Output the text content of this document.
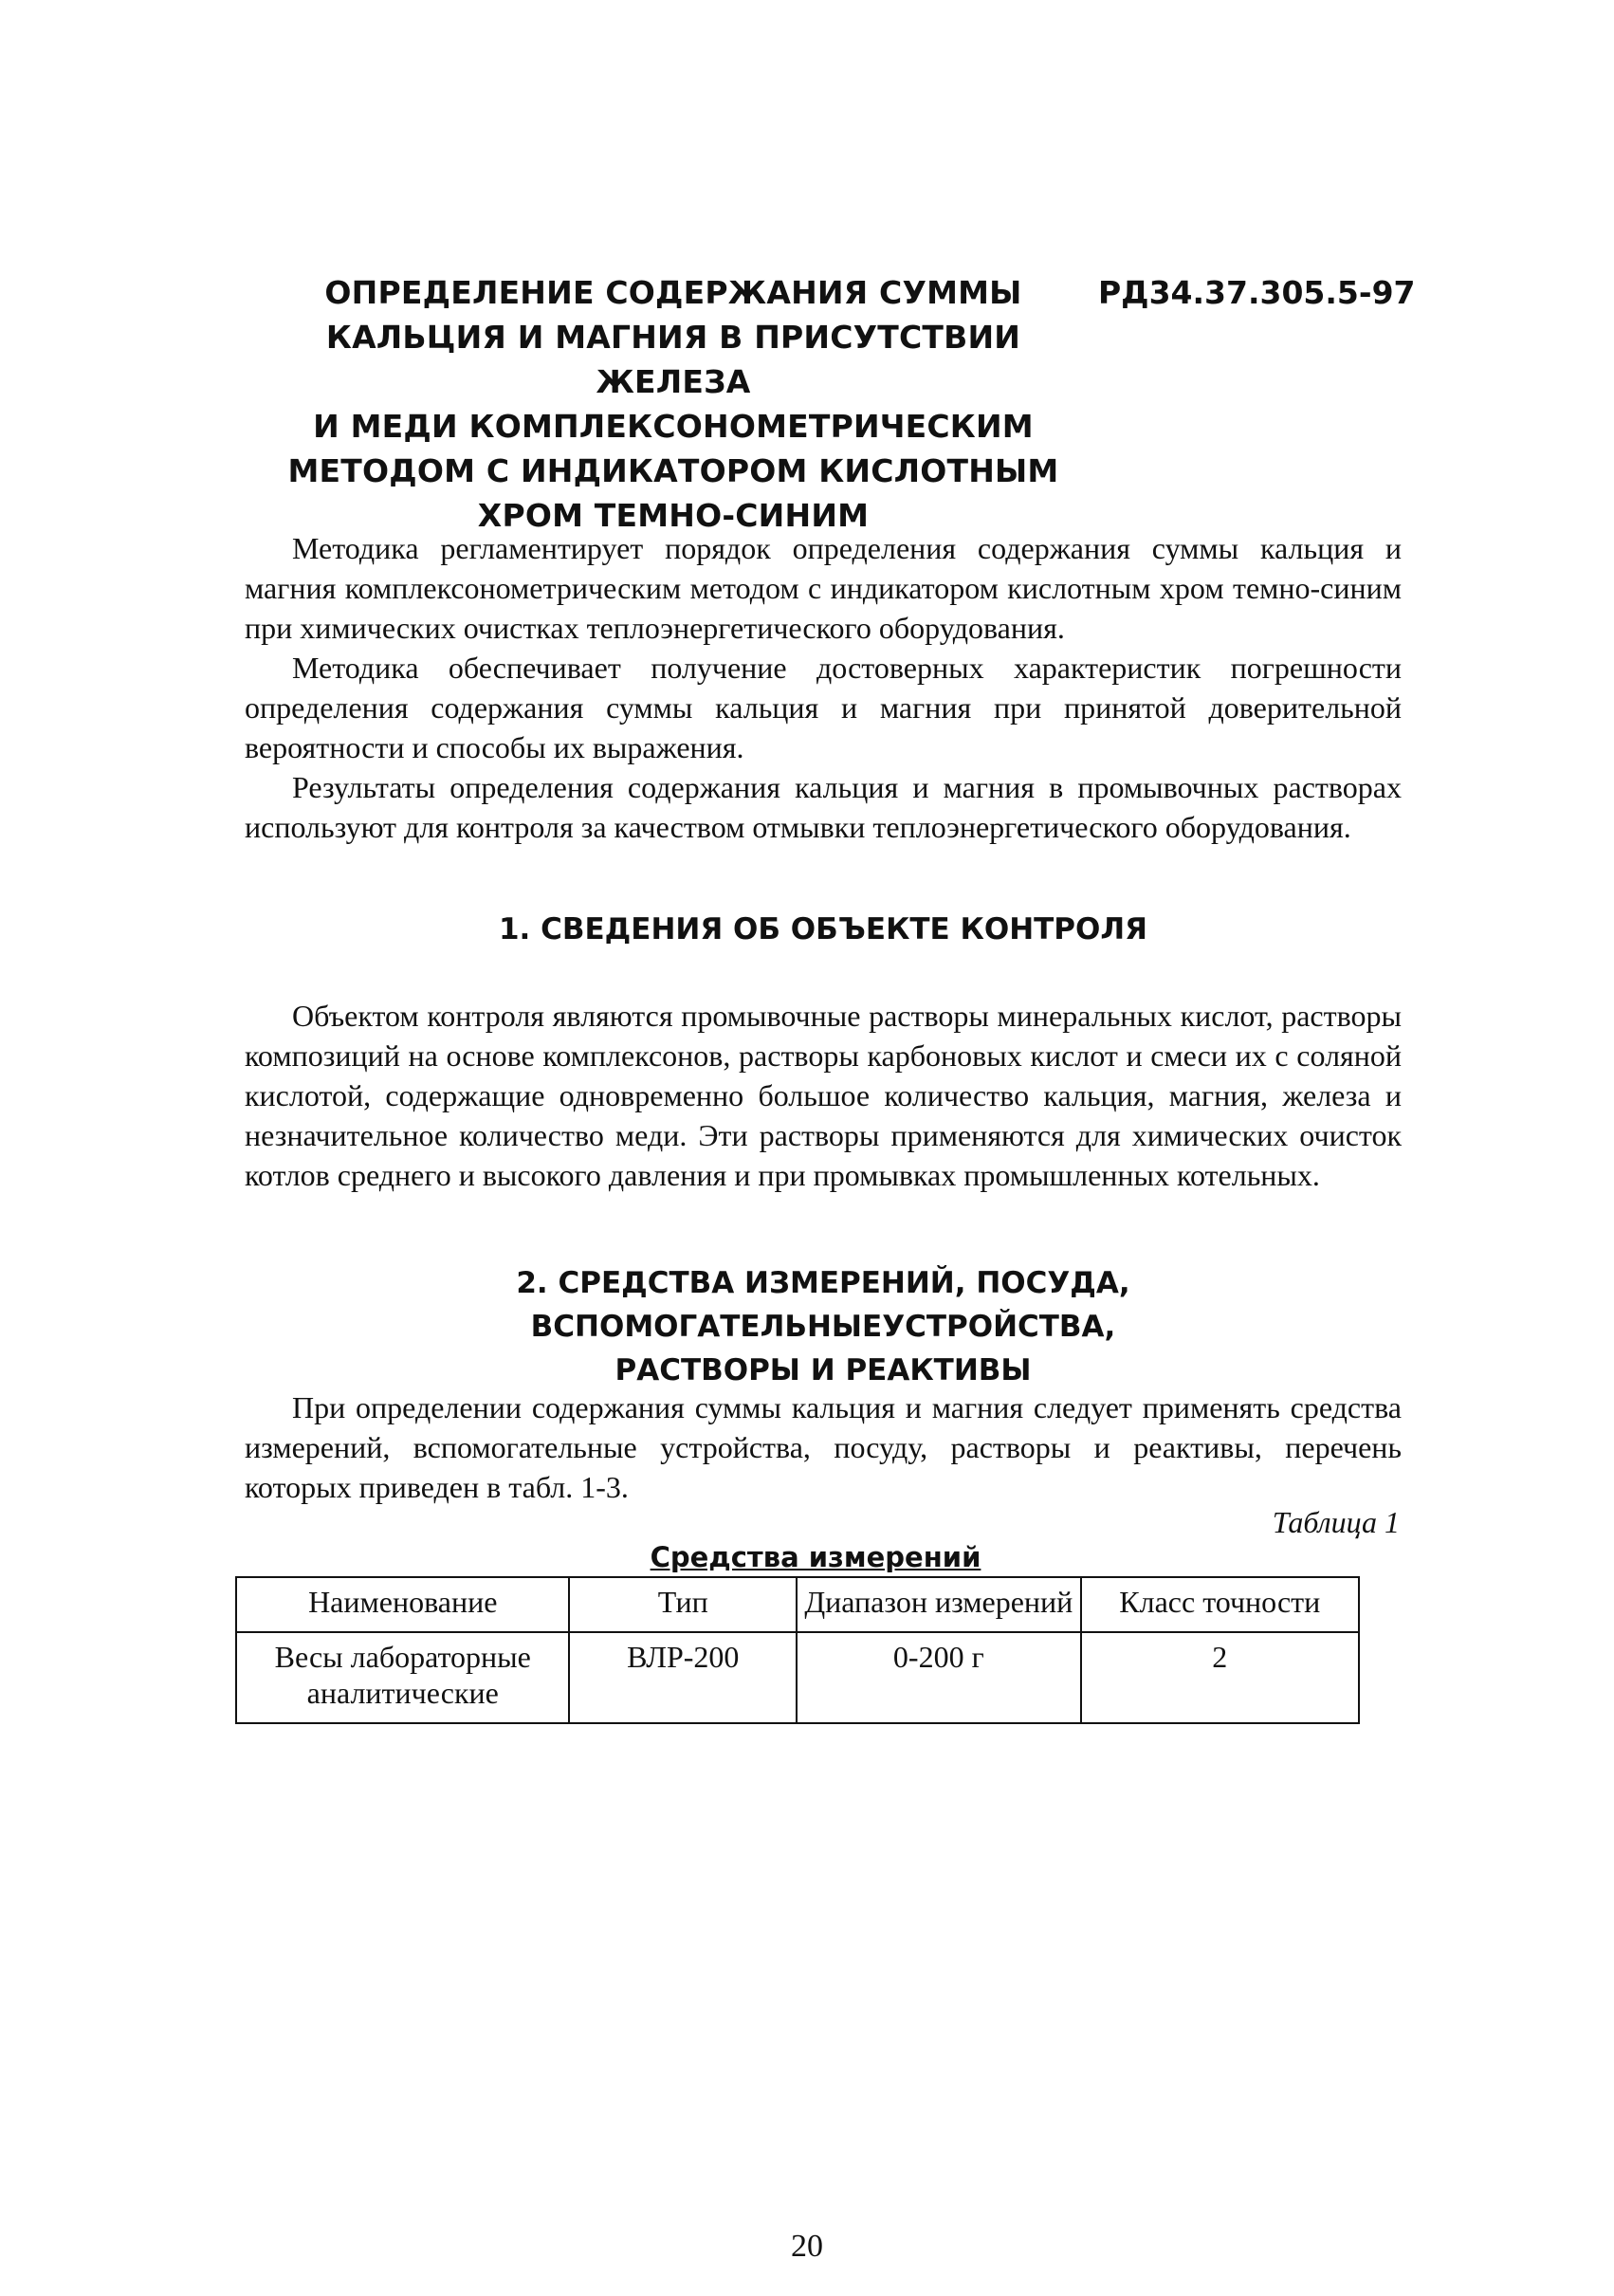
ОПРЕДЕЛЕНИЕ СОДЕРЖАНИЯ СУММЫ
КАЛЬЦИЯ И МАГНИЯ В ПРИСУТСТВИИ ЖЕЛЕЗА
И МЕДИ КОМПЛЕКСОНОМЕТРИЧЕСКИМ
МЕТОДОМ С ИНДИКАТОРОМ КИСЛОТНЫМ
ХРОМ ТЕМНО-СИНИМ
РД34.37.305.5-97

Методика регламентирует порядок определения содержания суммы кальция и магния комплексонометрическим методом с индикатором кислотным хром темно-синим при химических очистках теплоэнергетического оборудования.

Методика обеспечивает получение достоверных характеристик погрешности определения содержания суммы кальция и магния при принятой доверительной вероятности и способы их выражения.

Результаты определения содержания кальция и магния в промывочных растворах используют для контроля за качеством отмывки теплоэнергетического оборудования.

1. СВЕДЕНИЯ ОБ ОБЪЕКТЕ КОНТРОЛЯ

Объектом контроля являются промывочные растворы минеральных кислот, растворы композиций на основе комплексонов, растворы карбоновых кислот и смеси их с соляной кислотой, содержащие одновременно большое количество кальция, магния, железа и незначительное количество меди. Эти растворы применяются для химических очисток котлов среднего и высокого давления и при промывках промышленных котельных.

2. СРЕДСТВА ИЗМЕРЕНИЙ, ПОСУДА, ВСПОМОГАТЕЛЬНЫЕУСТРОЙСТВА,
РАСТВОРЫ И РЕАКТИВЫ

При определении содержания суммы кальция и магния следует применять средства измерений, вспомогательные устройства, посуду, растворы и реактивы, перечень которых приведен в табл. 1-3.

Таблица 1
Средства измерений
Наименование	Тип	Диапазон измерений	Класс точности
Весы лабораторные аналитические	ВЛР-200	0-200 г	2
20
